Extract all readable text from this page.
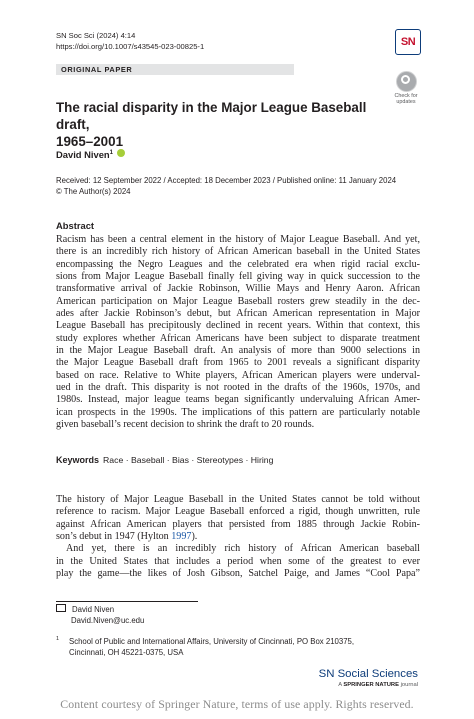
SN Soc Sci (2024) 4:14
https://doi.org/10.1007/s43545-023-00825-1	SN
ORIGINAL PAPER
Check for
updates
The racial disparity in the Major League Baseball draft,
1965–2001
David Niven$^1$
Received: 12 September 2022 / Accepted: 18 December 2023 / Published online: 11 January 2024
© The Author(s) 2024
Abstract
Racism has been a central element in the history of Major League Baseball. And yet,
there is an incredibly rich history of African American baseball in the United States
encompassing the Negro Leagues and the celebrated era when rigid racial exclu-
sions from Major League Baseball finally fell giving way in quick succession to the
transformative arrival of Jackie Robinson, Willie Mays and Henry Aaron. African
American participation on Major League Baseball rosters grew steadily in the dec-
ades after Jackie Robinson’s debut, but African American representation in Major
League Baseball has precipitously declined in recent years. Within that context, this
study explores whether African Americans have been subject to disparate treatment
in the Major League Baseball draft. An analysis of more than 9000 selections in
the Major League Baseball draft from 1965 to 2001 reveals a significant disparity
based on race. Relative to White players, African American players were underval-
ued in the draft. This disparity is not rooted in the drafts of the 1960s, 1970s, and
1980s. Instead, major league teams began significantly undervaluing African Amer-
ican prospects in the 1990s. The implications of this pattern are particularly notable
given baseball’s recent decision to shrink the draft to 20 rounds.
Keywords Race · Baseball · Bias · Stereotypes · Hiring
The history of Major League Baseball in the United States cannot be told without
reference to racism. Major League Baseball enforced a rigid, though unwritten, rule
against African American players that persisted from 1885 through Jackie Robin-
son’s debut in 1947 (Hylton 1997).
And yet, there is an incredibly rich history of African American baseball
in the United States that includes a period when some of the greatest to ever
play the game—the likes of Josh Gibson, Satchel Paige, and James “Cool Papa”
David Niven
David.Niven@uc.edu
1	School of Public and International Affairs, University of Cincinnati, PO Box 210375,
Cincinnati, OH 45221-0375, USA
SN Social Sciences
A SPRINGER NATURE journal
Content courtesy of Springer Nature, terms of use apply. Rights reserved.
